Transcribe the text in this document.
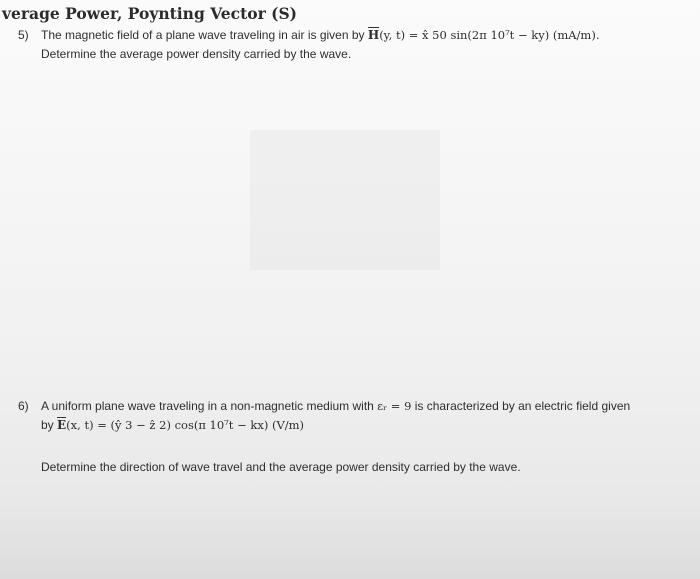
verage Power, Poynting Vector (S)
5) The magnetic field of a plane wave traveling in air is given by H(y, t) = x̂ 50 sin(2π 10⁷t − ky) (mA/m).
Determine the average power density carried by the wave.
6) A uniform plane wave traveling in a non-magnetic medium with εᵣ = 9 is characterized by an electric field given
by E(x, t) = (ŷ 3 − ẑ 2) cos(π 10⁷t − kx) (V/m)
Determine the direction of wave travel and the average power density carried by the wave.
